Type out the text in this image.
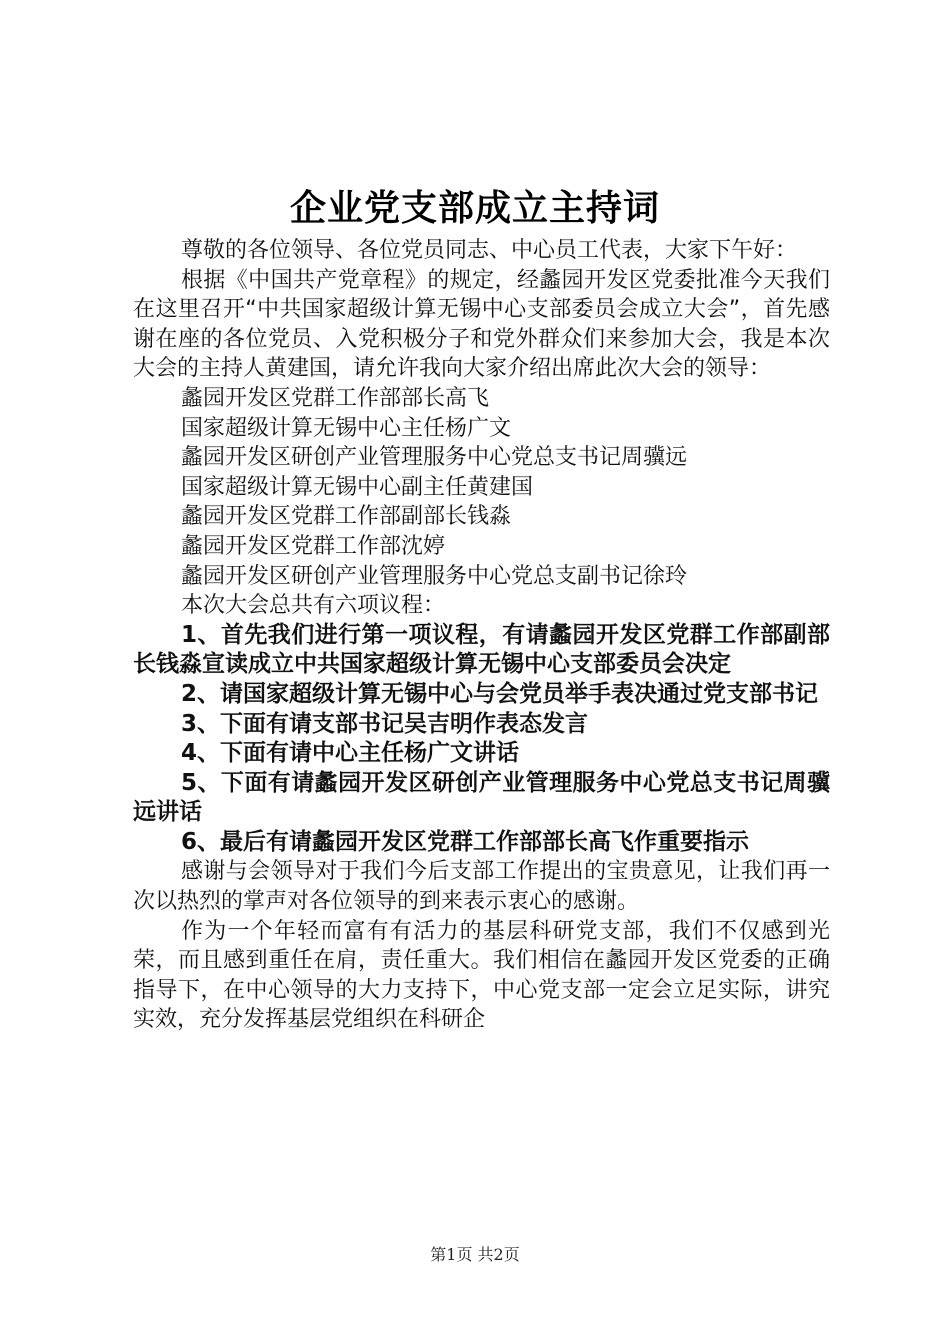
企业党支部成立主持词

尊敬的各位领导、各位党员同志、中心员工代表，大家下午好：

根据《中国共产党章程》的规定，经蠡园开发区党委批准今天我们在这里召开“中共国家超级计算无锡中心支部委员会成立大会”，首先感谢在座的各位党员、入党积极分子和党外群众们来参加大会，我是本次大会的主持人黄建国，请允许我向大家介绍出席此次大会的领导：

蠡园开发区党群工作部部长高飞

国家超级计算无锡中心主任杨广文

蠡园开发区研创产业管理服务中心党总支书记周骥远

国家超级计算无锡中心副主任黄建国

蠡园开发区党群工作部副部长钱淼

蠡园开发区党群工作部沈婷

蠡园开发区研创产业管理服务中心党总支副书记徐玲

本次大会总共有六项议程：

1、首先我们进行第一项议程，有请蠡园开发区党群工作部副部长钱淼宣读成立中共国家超级计算无锡中心支部委员会决定

2、请国家超级计算无锡中心与会党员举手表决通过党支部书记

3、下面有请支部书记吴吉明作表态发言

4、下面有请中心主任杨广文讲话

5、下面有请蠡园开发区研创产业管理服务中心党总支书记周骥远讲话

6、最后有请蠡园开发区党群工作部部长高飞作重要指示

感谢与会领导对于我们今后支部工作提出的宝贵意见，让我们再一次以热烈的掌声对各位领导的到来表示衷心的感谢。

作为一个年轻而富有有活力的基层科研党支部，我们不仅感到光荣，而且感到重任在肩，责任重大。我们相信在蠡园开发区党委的正确指导下，在中心领导的大力支持下，中心党支部一定会立足实际，讲究实效，充分发挥基层党组织在科研企

第1页 共2页
